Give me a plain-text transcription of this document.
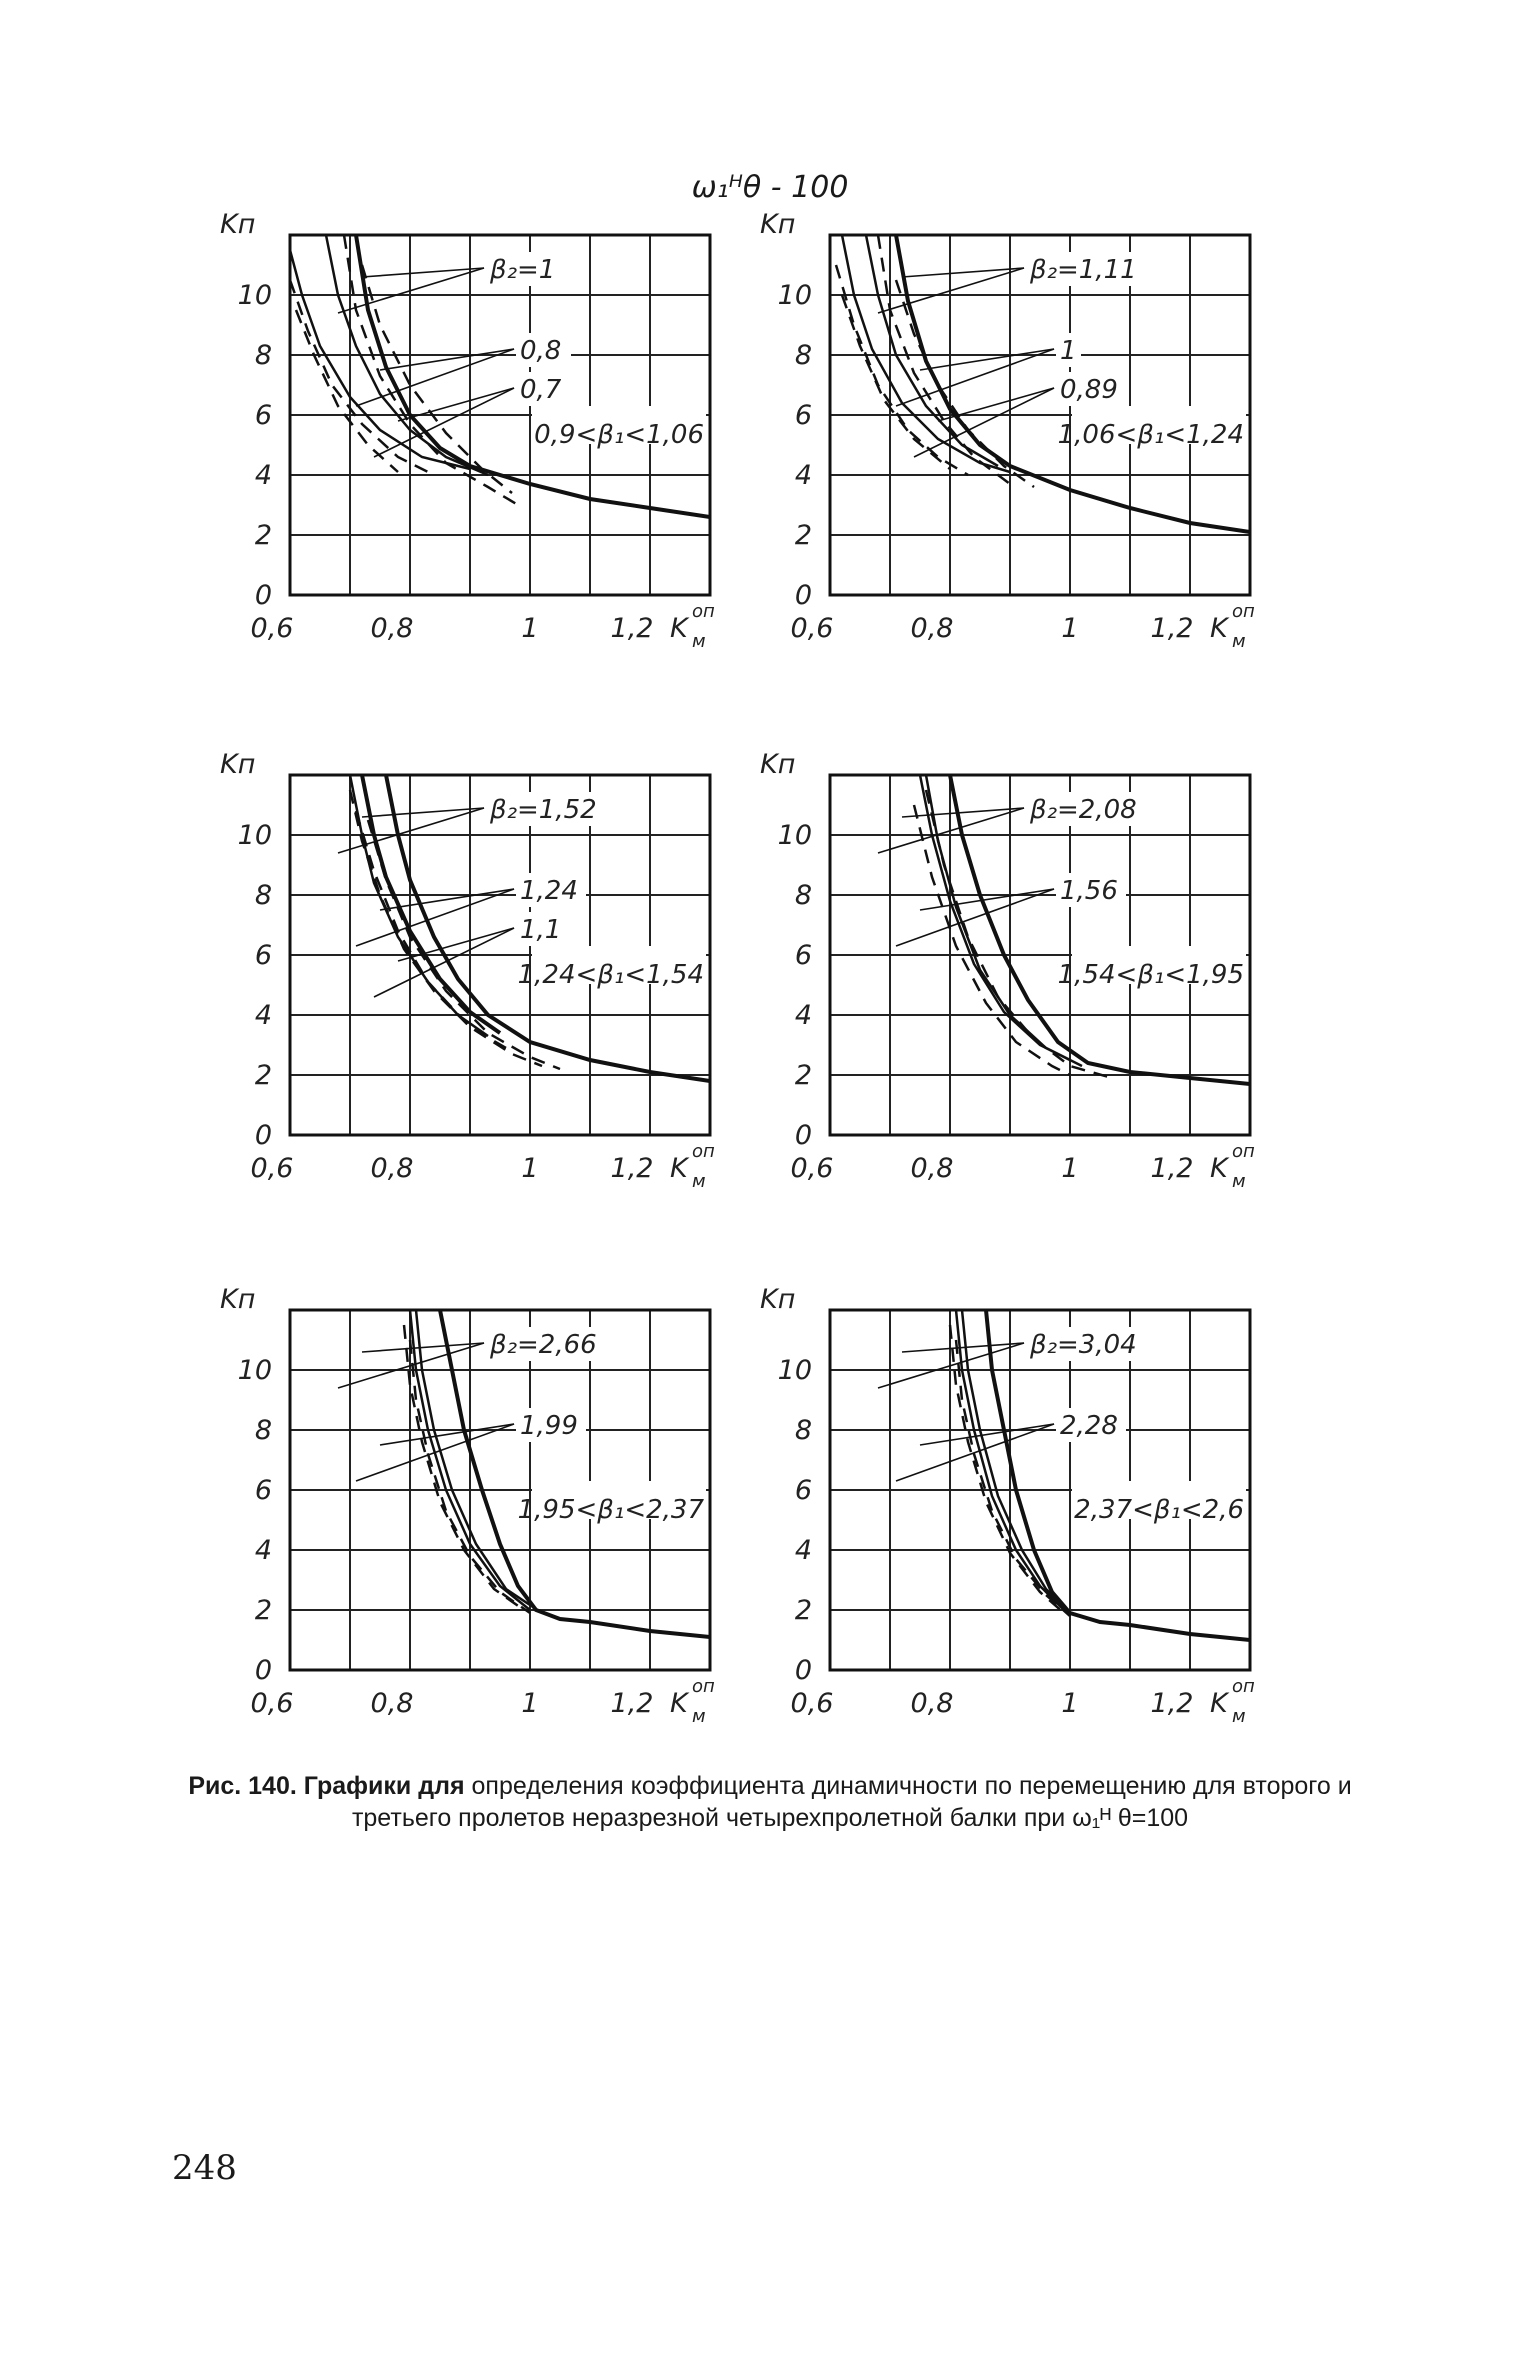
ω₁ᴴθ - 100
0
2
4
6
8
10
0,6	0,8	1	1,2
Kп
K
оп
м
0,9<β₁<1,06
β₂=1
0,8
0,7
0
2
4
6
8
10
0,6	0,8	1	1,2
Kп
K
оп
м
1,06<β₁<1,24
β₂=1,11
1
0,89
0
2
4
6
8
10
0,6	0,8	1	1,2
Kп
K
оп
м
1,24<β₁<1,54
β₂=1,52
1,24
1,1
0
2
4
6
8
10
0,6	0,8	1	1,2
Kп
K
оп
м
1,54<β₁<1,95
β₂=2,08
1,56
0
2
4
6
8
10
0,6	0,8	1	1,2
Kп
K
оп
м
1,95<β₁<2,37
β₂=2,66
1,99
0
2
4
6
8
10
0,6	0,8	1	1,2
Kп
K
оп
м
2,37<β₁<2,6
β₂=3,04
2,28
Рис. 140. Графики для определения коэффициента динамичности по перемещению для второго и третьего пролетов неразрезной четырехпролетной балки при ω₁ᴴ θ=100
248
